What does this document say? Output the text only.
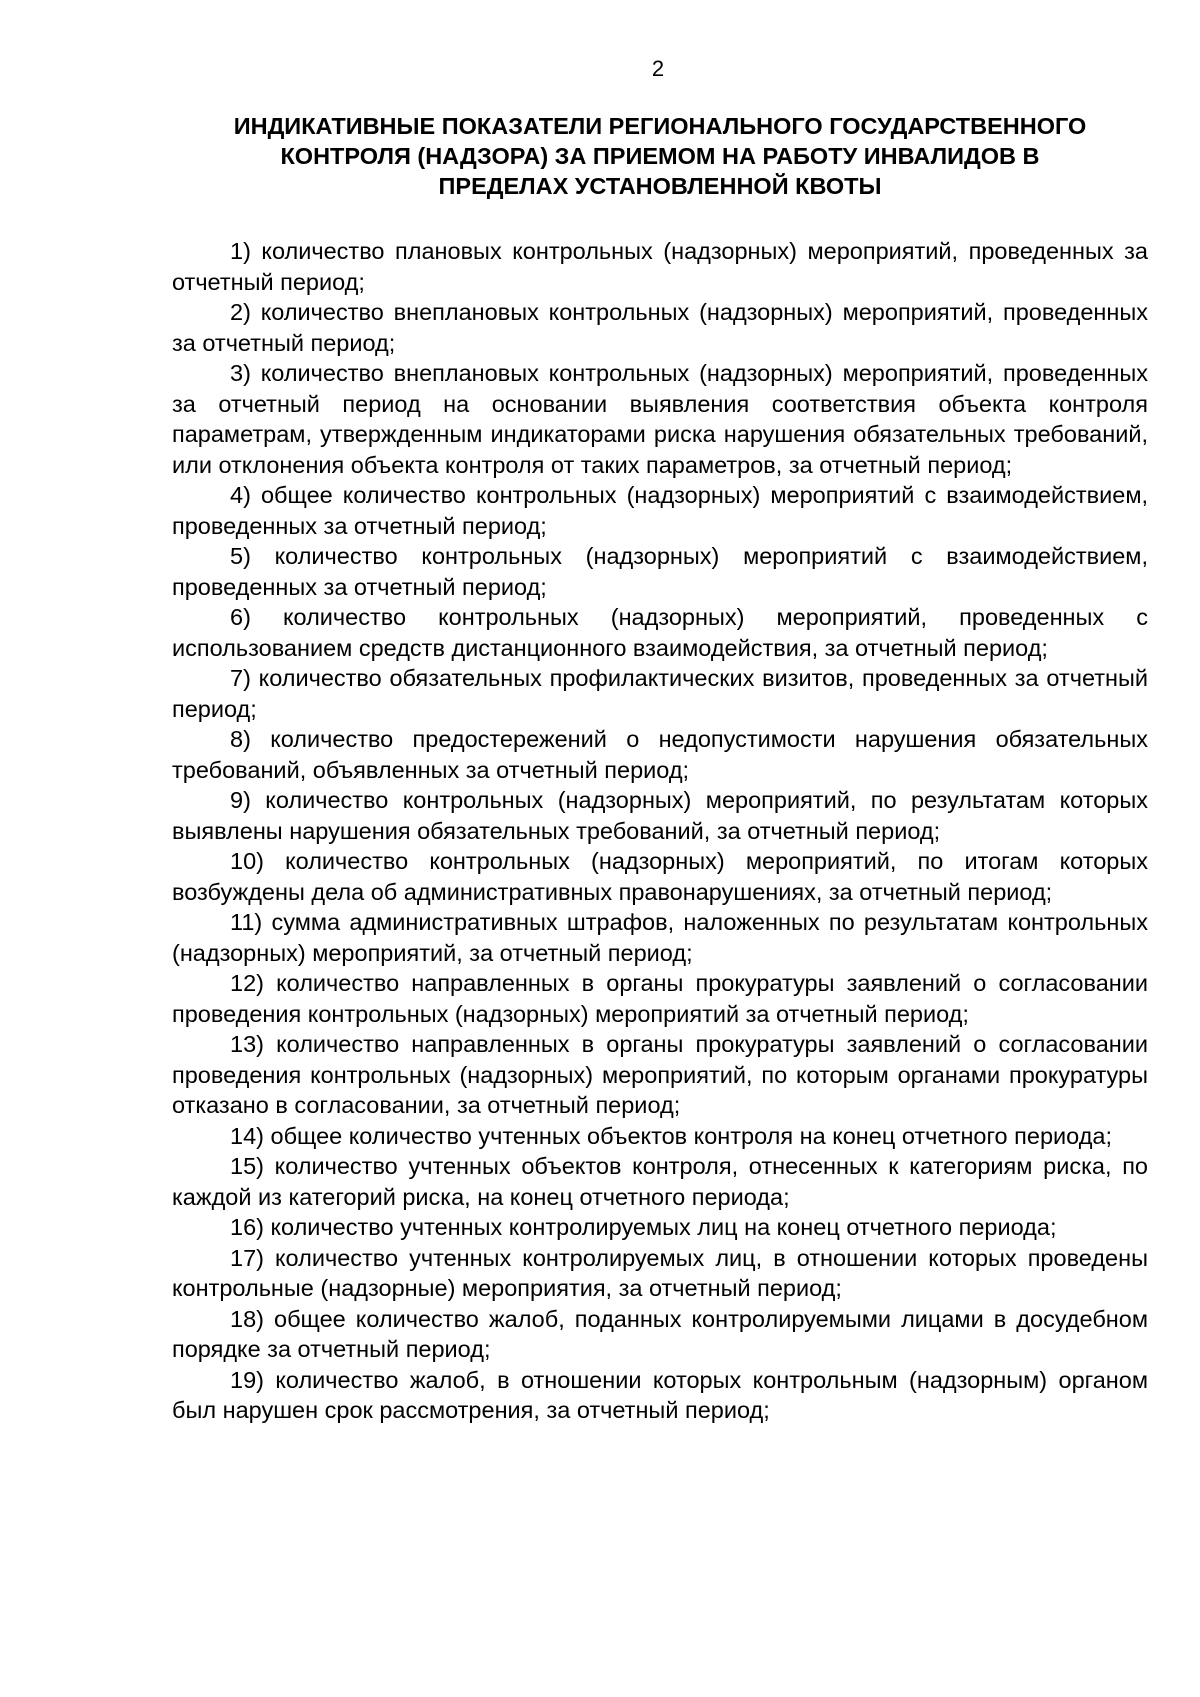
2
ИНДИКАТИВНЫЕ ПОКАЗАТЕЛИ РЕГИОНАЛЬНОГО ГОСУДАРСТВЕННОГО
КОНТРОЛЯ (НАДЗОРА) ЗА ПРИЕМОМ НА РАБОТУ ИНВАЛИДОВ В
ПРЕДЕЛАХ УСТАНОВЛЕННОЙ КВОТЫ

1) количество плановых контрольных (надзорных) мероприятий, проведенных за отчетный период;

2) количество внеплановых контрольных (надзорных) мероприятий, проведенных за отчетный период;

3) количество внеплановых контрольных (надзорных) мероприятий, проведенных за отчетный период на основании выявления соответствия объекта контроля параметрам, утвержденным индикаторами риска нарушения обязательных требований, или отклонения объекта контроля от таких параметров, за отчетный период;

4) общее количество контрольных (надзорных) мероприятий с взаимодействием, проведенных за отчетный период;

5) количество контрольных (надзорных) мероприятий с взаимодействием, проведенных за отчетный период;

6) количество контрольных (надзорных) мероприятий, проведенных с использованием средств дистанционного взаимодействия, за отчетный период;

7) количество обязательных профилактических визитов, проведенных за отчетный период;

8) количество предостережений о недопустимости нарушения обязательных требований, объявленных за отчетный период;

9) количество контрольных (надзорных) мероприятий, по результатам которых выявлены нарушения обязательных требований, за отчетный период;

10) количество контрольных (надзорных) мероприятий, по итогам которых возбуждены дела об административных правонарушениях, за отчетный период;

11) сумма административных штрафов, наложенных по результатам контрольных (надзорных) мероприятий, за отчетный период;

12) количество направленных в органы прокуратуры заявлений о согласовании проведения контрольных (надзорных) мероприятий за отчетный период;

13) количество направленных в органы прокуратуры заявлений о согласовании проведения контрольных (надзорных) мероприятий, по которым органами прокуратуры отказано в согласовании, за отчетный период;

14) общее количество учтенных объектов контроля на конец отчетного периода;

15) количество учтенных объектов контроля, отнесенных к категориям риска, по каждой из категорий риска, на конец отчетного периода;

16) количество учтенных контролируемых лиц на конец отчетного периода;

17) количество учтенных контролируемых лиц, в отношении которых проведены контрольные (надзорные) мероприятия, за отчетный период;

18) общее количество жалоб, поданных контролируемыми лицами в досудебном порядке за отчетный период;

19) количество жалоб, в отношении которых контрольным (надзорным) органом был нарушен срок рассмотрения, за отчетный период;
